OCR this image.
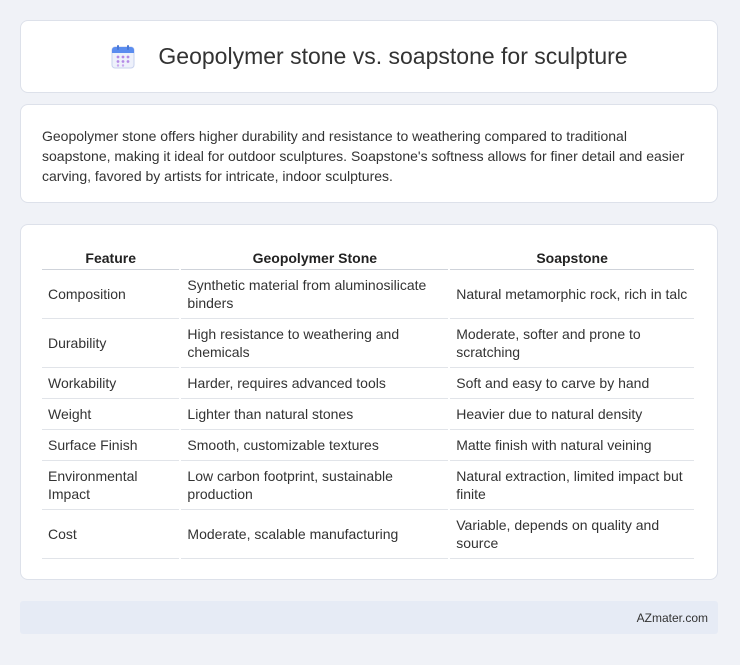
Geopolymer stone vs. soapstone for sculpture

Geopolymer stone offers higher durability and resistance to weathering compared to traditional soapstone, making it ideal for outdoor sculptures. Soapstone's softness allows for finer detail and easier carving, favored by artists for intricate, indoor sculptures.

Feature	Geopolymer Stone	Soapstone
Composition	Synthetic material from aluminosilicate binders	Natural metamorphic rock, rich in talc
Durability	High resistance to weathering and chemicals	Moderate, softer and prone to scratching
Workability	Harder, requires advanced tools	Soft and easy to carve by hand
Weight	Lighter than natural stones	Heavier due to natural density
Surface Finish	Smooth, customizable textures	Matte finish with natural veining
Environmental Impact	Low carbon footprint, sustainable production	Natural extraction, limited impact but finite
Cost	Moderate, scalable manufacturing	Variable, depends on quality and source
AZmater.com
